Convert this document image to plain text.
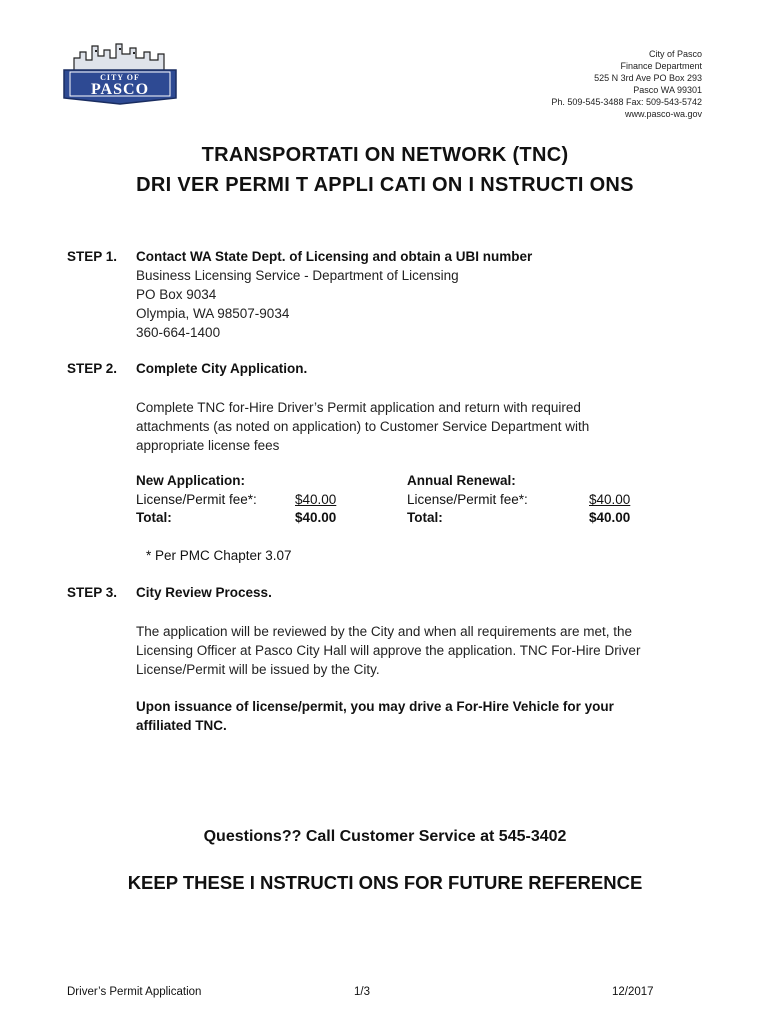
CITY OF
PASCO
City of Pasco
Finance Department
525 N 3rd Ave PO Box 293
Pasco WA 99301
Ph. 509-545-3488 Fax: 509-543-5742
www.pasco-wa.gov
TRANSPORTATI ON NETWORK (TNC)
DRI VER PERMI T APPLI CATI ON I NSTRUCTI ONS
STEP 1. Contact WA State Dept. of Licensing and obtain a UBI number
Business Licensing Service - Department of Licensing
PO Box 9034
Olympia, WA 98507-9034
360-664-1400
STEP 2. Complete City Application.
Complete TNC for-Hire Driver’s Permit application and return with required
attachments (as noted on application) to Customer Service Department with
appropriate license fees
New Application:
License/Permit fee*:	$40.00
Total:	$40.00
Annual Renewal:
License/Permit fee*:	$40.00
Total:	$40.00
* Per PMC Chapter 3.07
STEP 3. City Review Process.
The application will be reviewed by the City and when all requirements are met, the
Licensing Officer at Pasco City Hall will approve the application. TNC For-Hire Driver
License/Permit will be issued by the City.
Upon issuance of license/permit, you may drive a For-Hire Vehicle for your
affiliated TNC.
Questions?? Call Customer Service at 545-3402
KEEP THESE I NSTRUCTI ONS FOR FUTURE REFERENCE
Driver’s Permit Application	1/3	12/2017
